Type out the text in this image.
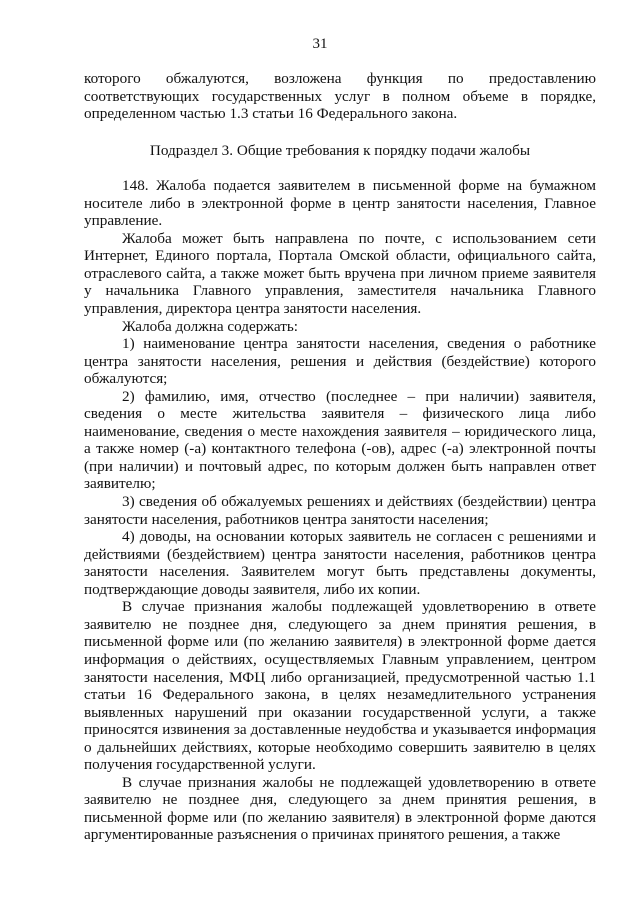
31

которого обжалуются, возложена функция по предоставлению соответствующих государственных услуг в полном объеме в порядке, определенном частью 1.3 статьи 16 Федерального закона.

Подраздел 3. Общие требования к порядку подачи жалобы

148. Жалоба подается заявителем в письменной форме на бумажном носителе либо в электронной форме в центр занятости населения, Главное управление.

Жалоба может быть направлена по почте, с использованием сети Интернет, Единого портала, Портала Омской области, официального сайта, отраслевого сайта, а также может быть вручена при личном приеме заявителя у начальника Главного управления, заместителя начальника Главного управления, директора центра занятости населения.

Жалоба должна содержать:

1) наименование центра занятости населения, сведения о работнике центра занятости населения, решения и действия (бездействие) которого обжалуются;

2) фамилию, имя, отчество (последнее – при наличии) заявителя, сведения о месте жительства заявителя – физического лица либо наименование, сведения о месте нахождения заявителя – юридического лица, а также номер (-а) контактного телефона (-ов), адрес (-а) электронной почты (при наличии) и почтовый адрес, по которым должен быть направлен ответ заявителю;

3) сведения об обжалуемых решениях и действиях (бездействии) центра занятости населения, работников центра занятости населения;

4) доводы, на основании которых заявитель не согласен с решениями и действиями (бездействием) центра занятости населения, работников центра занятости населения. Заявителем могут быть представлены документы, подтверждающие доводы заявителя, либо их копии.

В случае признания жалобы подлежащей удовлетворению в ответе заявителю не позднее дня, следующего за днем принятия решения, в письменной форме или (по желанию заявителя) в электронной форме дается информация о действиях, осуществляемых Главным управлением, центром занятости населения, МФЦ либо организацией, предусмотренной частью 1.1 статьи 16 Федерального закона, в целях незамедлительного устранения выявленных нарушений при оказании государственной услуги, а также приносятся извинения за доставленные неудобства и указывается информация о дальнейших действиях, которые необходимо совершить заявителю в целях получения государственной услуги.

В случае признания жалобы не подлежащей удовлетворению в ответе заявителю не позднее дня, следующего за днем принятия решения, в письменной форме или (по желанию заявителя) в электронной форме даются аргументированные разъяснения о причинах принятого решения, а также
